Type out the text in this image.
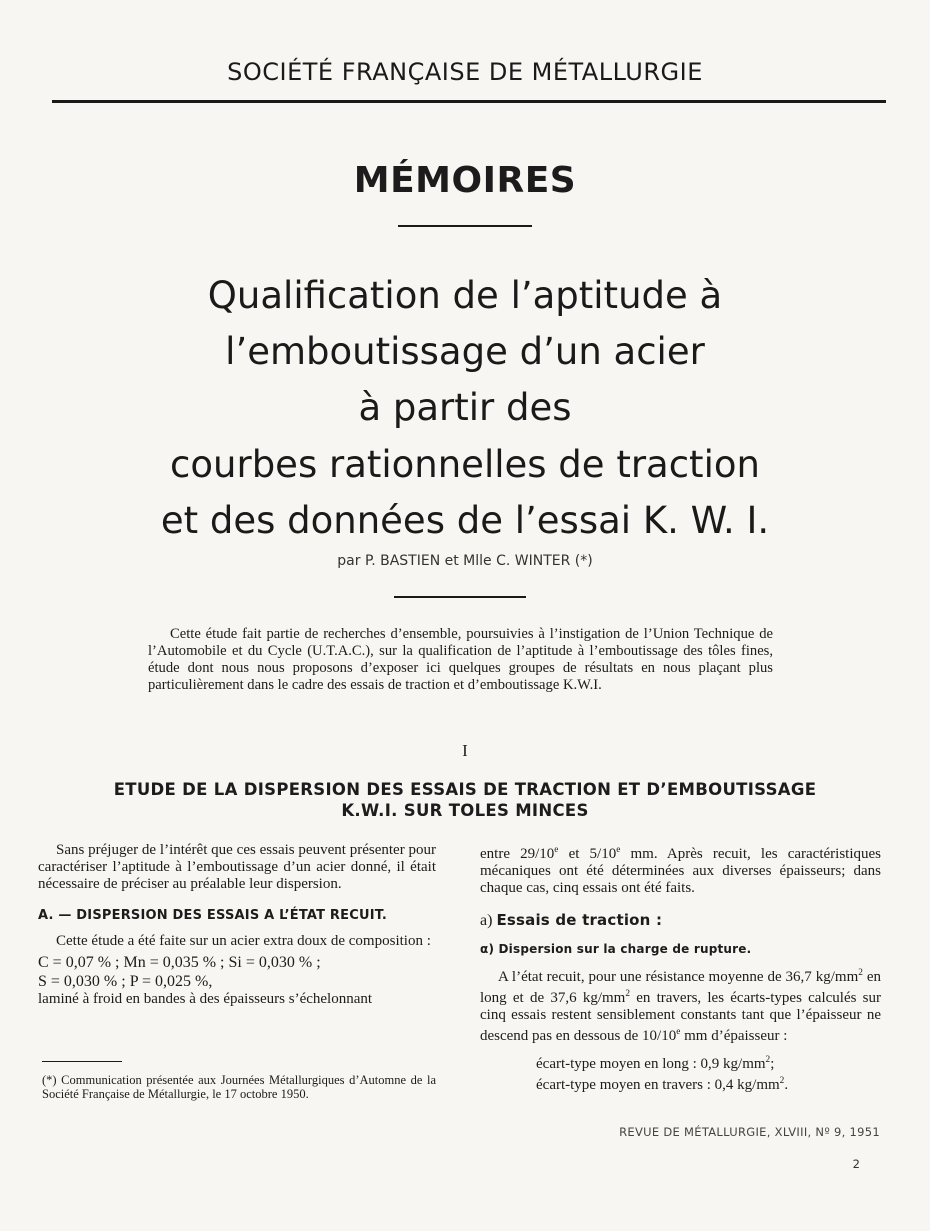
SOCIÉTÉ FRANÇAISE DE MÉTALLURGIE
MÉMOIRES
Qualification de l’aptitude à
l’emboutissage d’un acier
à partir des
courbes rationnelles de traction
et des données de l’essai K. W. I.
par P. BASTIEN et Mlle C. WINTER (*)
Cette étude fait partie de recherches d’ensemble, poursuivies à l’instigation de l’Union Technique de l’Automobile et du Cycle (U.T.A.C.), sur la qualification de l’aptitude à l’emboutissage des tôles fines, étude dont nous nous proposons d’exposer ici quelques groupes de résultats en nous plaçant plus particulièrement dans le cadre des essais de traction et d’emboutissage K.W.I.
I
ETUDE DE LA DISPERSION DES ESSAIS DE TRACTION ET D’EMBOUTISSAGE
K.W.I. SUR TOLES MINCES

Sans préjuger de l’intérêt que ces essais peuvent présenter pour caractériser l’aptitude à l’emboutissage d’un acier donné, il était nécessaire de préciser au préalable leur dispersion.

A. — DISPERSION DES ESSAIS A L’ÉTAT RECUIT.

Cette étude a été faite sur un acier extra doux de composition :

C = 0,07 % ; Mn = 0,035 % ; Si = 0,030 % ;

S = 0,030 % ; P = 0,025 %,

laminé à froid en bandes à des épaisseurs s’échelonnant

(*) Communication présentée aux Journées Métallurgiques d’Automne de la Société Française de Métallurgie, le 17 octobre 1950.

entre 29/10e et 5/10e mm. Après recuit, les caractéristiques mécaniques ont été déterminées aux diverses épaisseurs; dans chaque cas, cinq essais ont été faits.

a) Essais de traction :

α) Dispersion sur la charge de rupture.

A l’état recuit, pour une résistance moyenne de 36,7 $kg/mm^2$ en long et de 37,6 $kg/mm^2$ en travers, les écarts-types calculés sur cinq essais restent sensiblement constants tant que l’épaisseur ne descend pas en dessous de 10/10e mm d’épaisseur :

écart-type moyen en long : 0,9 $kg/mm^2$;

écart-type moyen en travers : 0,4 $kg/mm^2$.

REVUE DE MÉTALLURGIE, XLVIII, Nº 9, 1951
2
